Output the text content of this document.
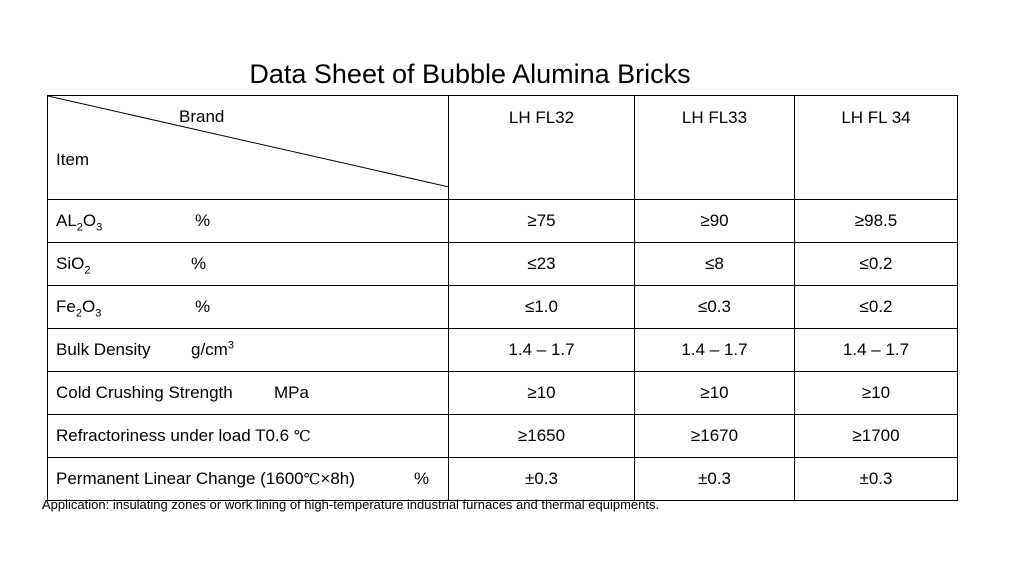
Data Sheet of Bubble Alumina Bricks
Brand
Item	LH FL32	LH FL33	LH FL 34

$AL_2O_3$ %	≥75	≥90	≥98.5

SiO$_2$ %	≤23	≤8	≤0.2

$Fe_2O_3$ %	≤1.0	≤0.3	≤0.2

Bulk Density $g/cm^3$	1.4 – 1.7	1.4 – 1.7	1.4 – 1.7

Cold Crushing Strength MPa	≥10	≥10	≥10

Refractoriness under load T0.6 ℃	≥1650	≥1670	≥1700

Permanent Linear Change (1600℃×8h) %	±0.3	±0.3	±0.3
Application: insulating zones or work lining of high-temperature industrial furnaces and thermal equipments.
